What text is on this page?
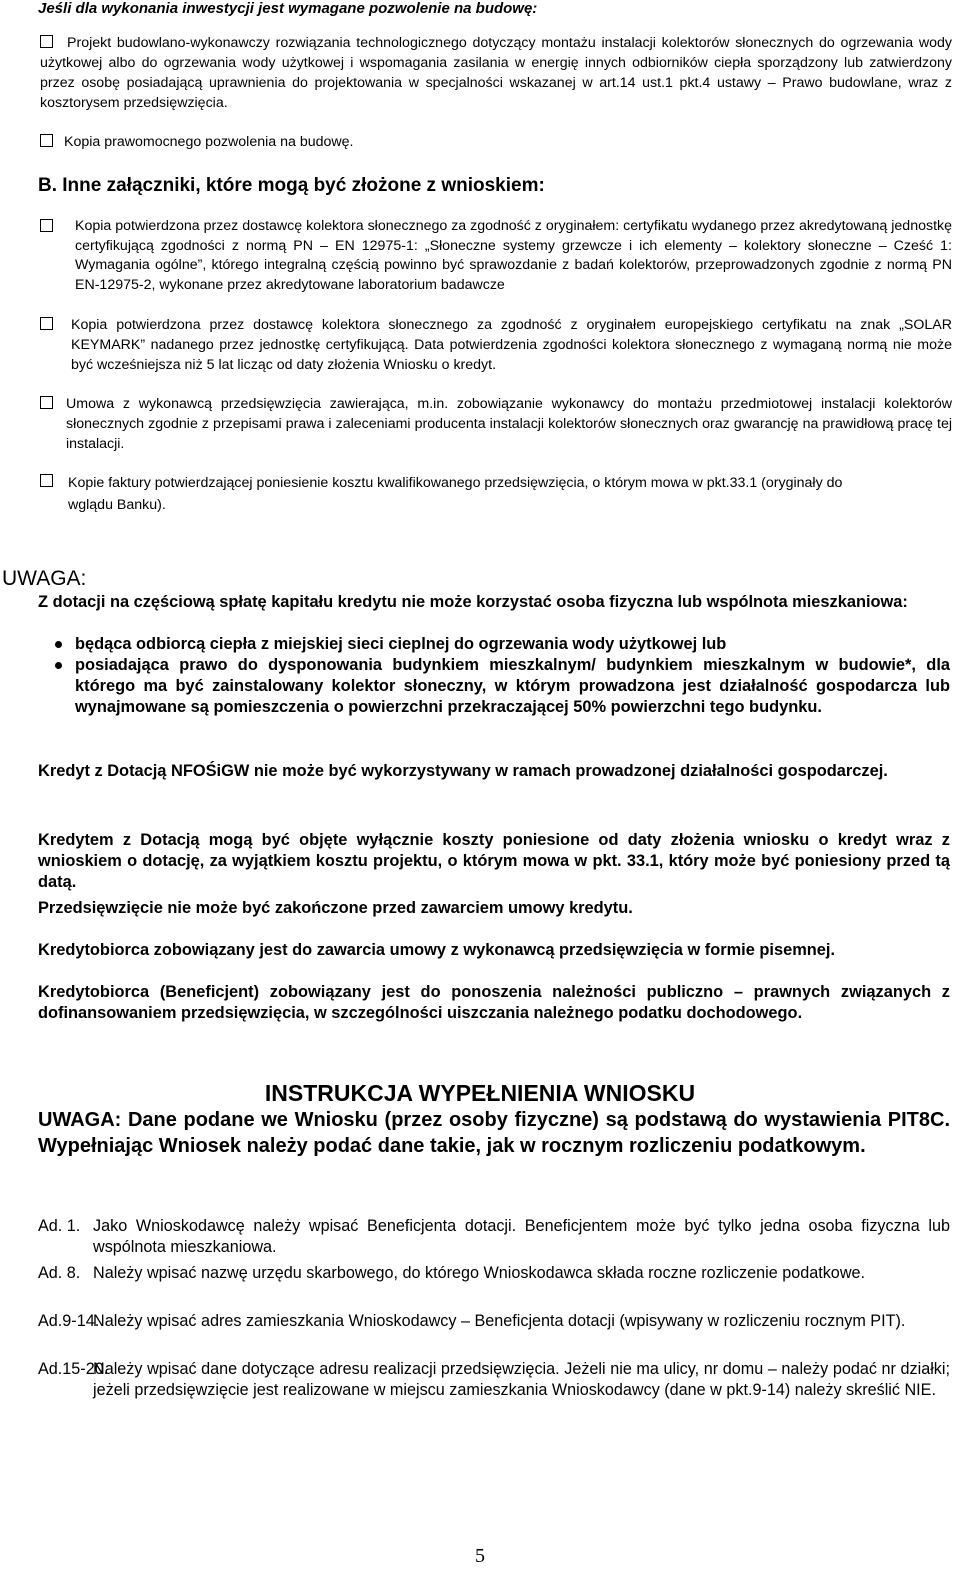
Jeśli dla wykonania inwestycji jest wymagane pozwolenie na budowę:
Projekt budowlano-wykonawczy rozwiązania technologicznego dotyczący montażu instalacji kolektorów słonecznych do ogrzewania wody użytkowej albo do ogrzewania wody użytkowej i wspomagania zasilania w energię innych odbiorników ciepła sporządzony lub zatwierdzony przez osobę posiadającą uprawnienia do projektowania w specjalności wskazanej w art.14 ust.1 pkt.4 ustawy – Prawo budowlane, wraz z kosztorysem przedsięwzięcia.
Kopia prawomocnego pozwolenia na budowę.
B. Inne załączniki, które mogą być złożone z wnioskiem:
Kopia potwierdzona przez dostawcę kolektora słonecznego za zgodność z oryginałem: certyfikatu wydanego przez akredytowaną jednostkę certyfikującą zgodności z normą PN – EN 12975-1: „Słoneczne systemy grzewcze i ich elementy – kolektory słoneczne – Cześć 1: Wymagania ogólne”, którego integralną częścią powinno być sprawozdanie z badań kolektorów, przeprowadzonych zgodnie z normą PN EN-12975-2, wykonane przez akredytowane laboratorium badawcze
Kopia potwierdzona przez dostawcę kolektora słonecznego za zgodność z oryginałem europejskiego certyfikatu na znak „SOLAR KEYMARK” nadanego przez jednostkę certyfikującą. Data potwierdzenia zgodności kolektora słonecznego z wymaganą normą nie może być wcześniejsza niż 5 lat licząc od daty złożenia Wniosku o kredyt.
Umowa z wykonawcą przedsięwzięcia zawierająca, m.in. zobowiązanie wykonawcy do montażu przedmiotowej instalacji kolektorów słonecznych zgodnie z przepisami prawa i zaleceniami producenta instalacji kolektorów słonecznych oraz gwarancję na prawidłową pracę tej instalacji.
Kopie faktury potwierdzającej poniesienie kosztu kwalifikowanego przedsięwzięcia, o którym mowa w pkt.33.1 (oryginały do wglądu Banku).
UWAGA:
Z dotacji na częściową spłatę kapitału kredytu nie może korzystać osoba fizyczna lub wspólnota mieszkaniowa:
będąca odbiorcą ciepła z miejskiej sieci cieplnej do ogrzewania wody użytkowej lub
posiadająca prawo do dysponowania budynkiem mieszkalnym/ budynkiem mieszkalnym w budowie*, dla którego ma być zainstalowany kolektor słoneczny, w którym prowadzona jest działalność gospodarcza lub wynajmowane są pomieszczenia o powierzchni przekraczającej 50% powierzchni tego budynku.
Kredyt z Dotacją NFOŚiGW nie może być wykorzystywany w ramach prowadzonej działalności gospodarczej.
Kredytem z Dotacją mogą być objęte wyłącznie koszty poniesione od daty złożenia wniosku o kredyt wraz z wnioskiem o dotację, za wyjątkiem kosztu projektu, o którym mowa w pkt. 33.1, który może być poniesiony przed tą datą.
Przedsięwzięcie nie może być zakończone przed zawarciem umowy kredytu.
Kredytobiorca zobowiązany jest do zawarcia umowy z wykonawcą przedsięwzięcia w formie pisemnej.
Kredytobiorca (Beneficjent) zobowiązany jest do ponoszenia należności publiczno – prawnych związanych z dofinansowaniem przedsięwzięcia, w szczególności uiszczania należnego podatku dochodowego.
INSTRUKCJA WYPEŁNIENIA WNIOSKU
UWAGA: Dane podane we Wniosku (przez osoby fizyczne) są podstawą do wystawienia PIT8C. Wypełniając Wniosek należy podać dane takie, jak w rocznym rozliczeniu podatkowym.
Ad. 1. Jako Wnioskodawcę należy wpisać Beneficjenta dotacji. Beneficjentem może być tylko jedna osoba fizyczna lub wspólnota mieszkaniowa.
Ad. 8. Należy wpisać nazwę urzędu skarbowego, do którego Wnioskodawca składa roczne rozliczenie podatkowe.
Ad.9-14.
Należy wpisać adres zamieszkania Wnioskodawcy – Beneficjenta dotacji (wpisywany w rozliczeniu rocznym PIT).
Ad.15-20.
Należy wpisać dane dotyczące adresu realizacji przedsięwzięcia. Jeżeli nie ma ulicy, nr domu – należy podać nr działki; jeżeli przedsięwzięcie jest realizowane w miejscu zamieszkania Wnioskodawcy (dane w pkt.9-14) należy skreślić NIE.
5
